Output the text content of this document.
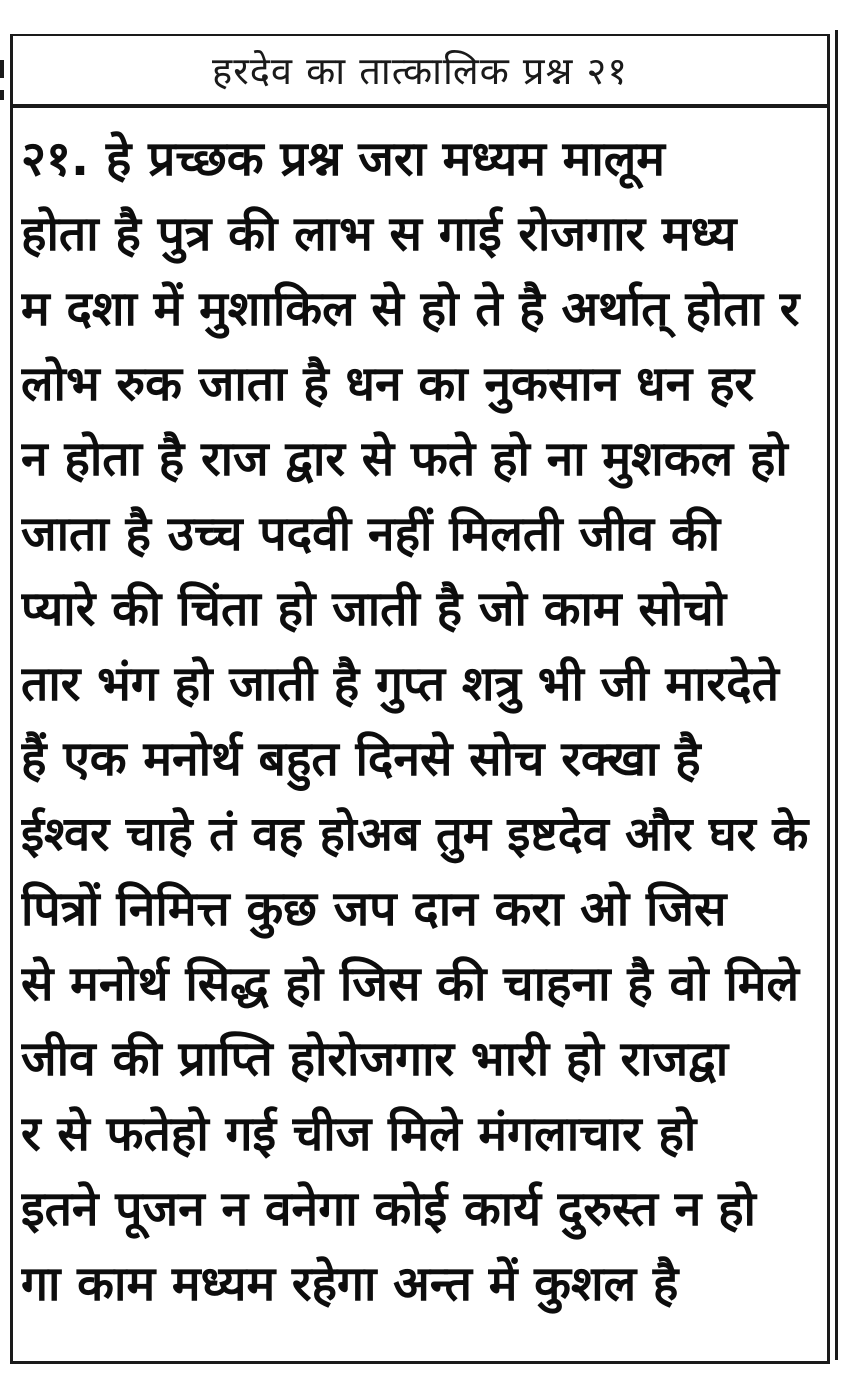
हरदेव का तात्कालिक प्रश्न २१
२१. हे प्रच्छक प्रश्न जरा मध्यम मालूम
होता है पुत्र की लाभ स गाई रोजगार मध्य
म दशा में मुशाकिल से हो ते है अर्थात् होता र
लोभ रुक जाता है धन का नुकसान धन हर
न होता है राज द्वार से फते हो ना मुशकल हो
जाता है उच्च पदवी नहीं मिलती जीव की
प्यारे की चिंता हो जाती है जो काम सोचो
तार भंग हो जाती है गुप्त शत्रु भी जी मारदेते
हैं एक मनोर्थ बहुत दिनसे सोच रक्खा है
ईश्वर चाहे तं वह होअब तुम इष्टदेव और घर के
पित्रों निमित्त कुछ जप दान करा ओ जिस
से मनोर्थ सिद्ध हो जिस की चाहना है वो मिले
जीव की प्राप्ति होरोजगार भारी हो राजद्वा
र से फतेहो गई चीज मिले मंगलाचार हो
इतने पूजन न वनेगा कोई कार्य दुरुस्त न हो
गा काम मध्यम रहेगा अन्त में कुशल है
